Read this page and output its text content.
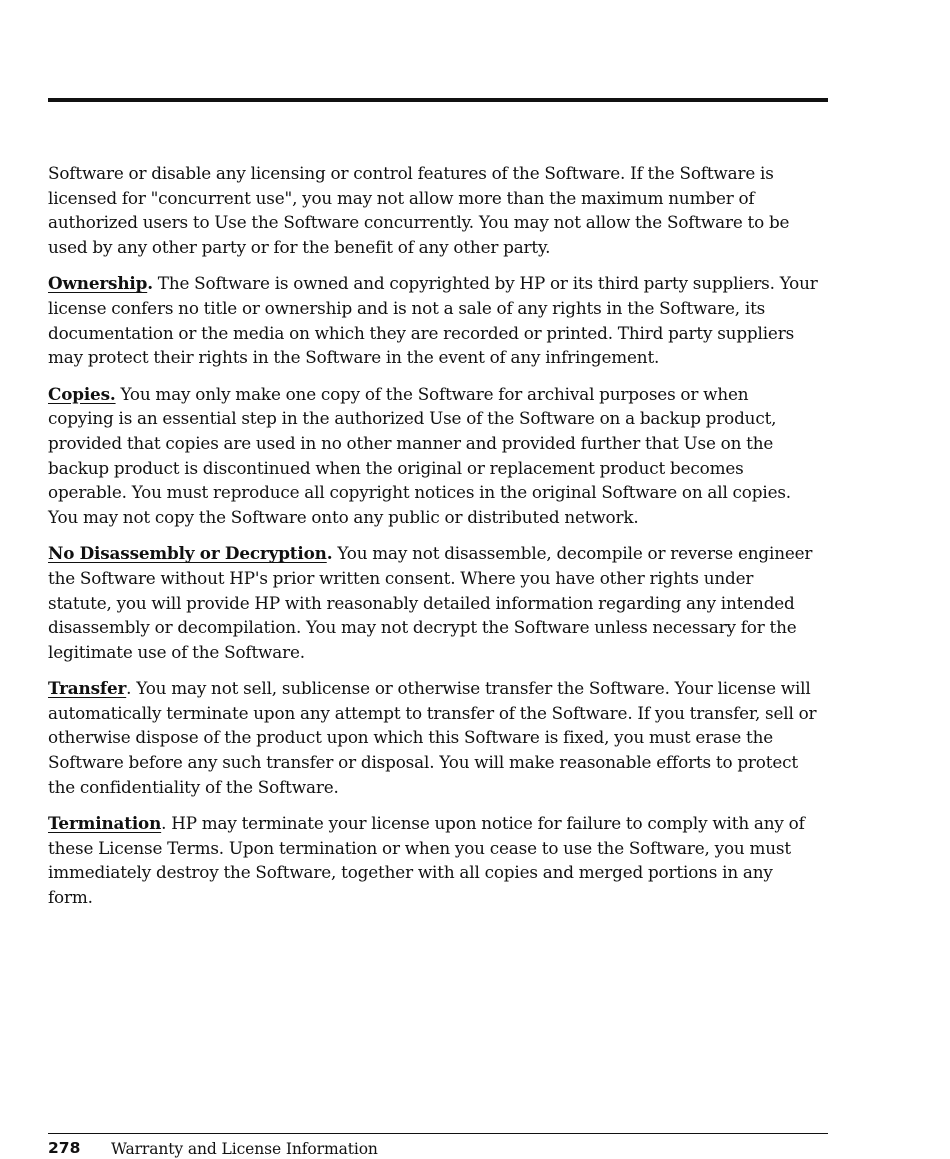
Software or disable any licensing or control features of the Software. If the Software is licensed for "concurrent use", you may not allow more than the maximum number of authorized users to Use the Software concurrently. You may not allow the Software to be used by any other party or for the benefit of any other party.

Ownership. The Software is owned and copyrighted by HP or its third party suppliers. Your license confers no title or ownership and is not a sale of any rights in the Software, its documentation or the media on which they are recorded or printed. Third party suppliers may protect their rights in the Software in the event of any infringement.

Copies. You may only make one copy of the Software for archival purposes or when copying is an essential step in the authorized Use of the Software on a backup product, provided that copies are used in no other manner and provided further that Use on the backup product is discontinued when the original or replacement product becomes operable. You must reproduce all copyright notices in the original Software on all copies. You may not copy the Software onto any public or distributed network.

No Disassembly or Decryption. You may not disassemble, decompile or reverse engineer the Software without HP's prior written consent. Where you have other rights under statute, you will provide HP with reasonably detailed information regarding any intended disassembly or decompilation. You may not decrypt the Software unless necessary for the legitimate use of the Software.

Transfer. You may not sell, sublicense or otherwise transfer the Software. Your license will automatically terminate upon any attempt to transfer of the Software. If you transfer, sell or otherwise dispose of the product upon which this Software is fixed, you must erase the Software before any such transfer or disposal. You will make reasonable efforts to protect the confidentiality of the Software.

Termination. HP may terminate your license upon notice for failure to comply with any of these License Terms. Upon termination or when you cease to use the Software, you must immediately destroy the Software, together with all copies and merged portions in any form.

278 Warranty and License Information
